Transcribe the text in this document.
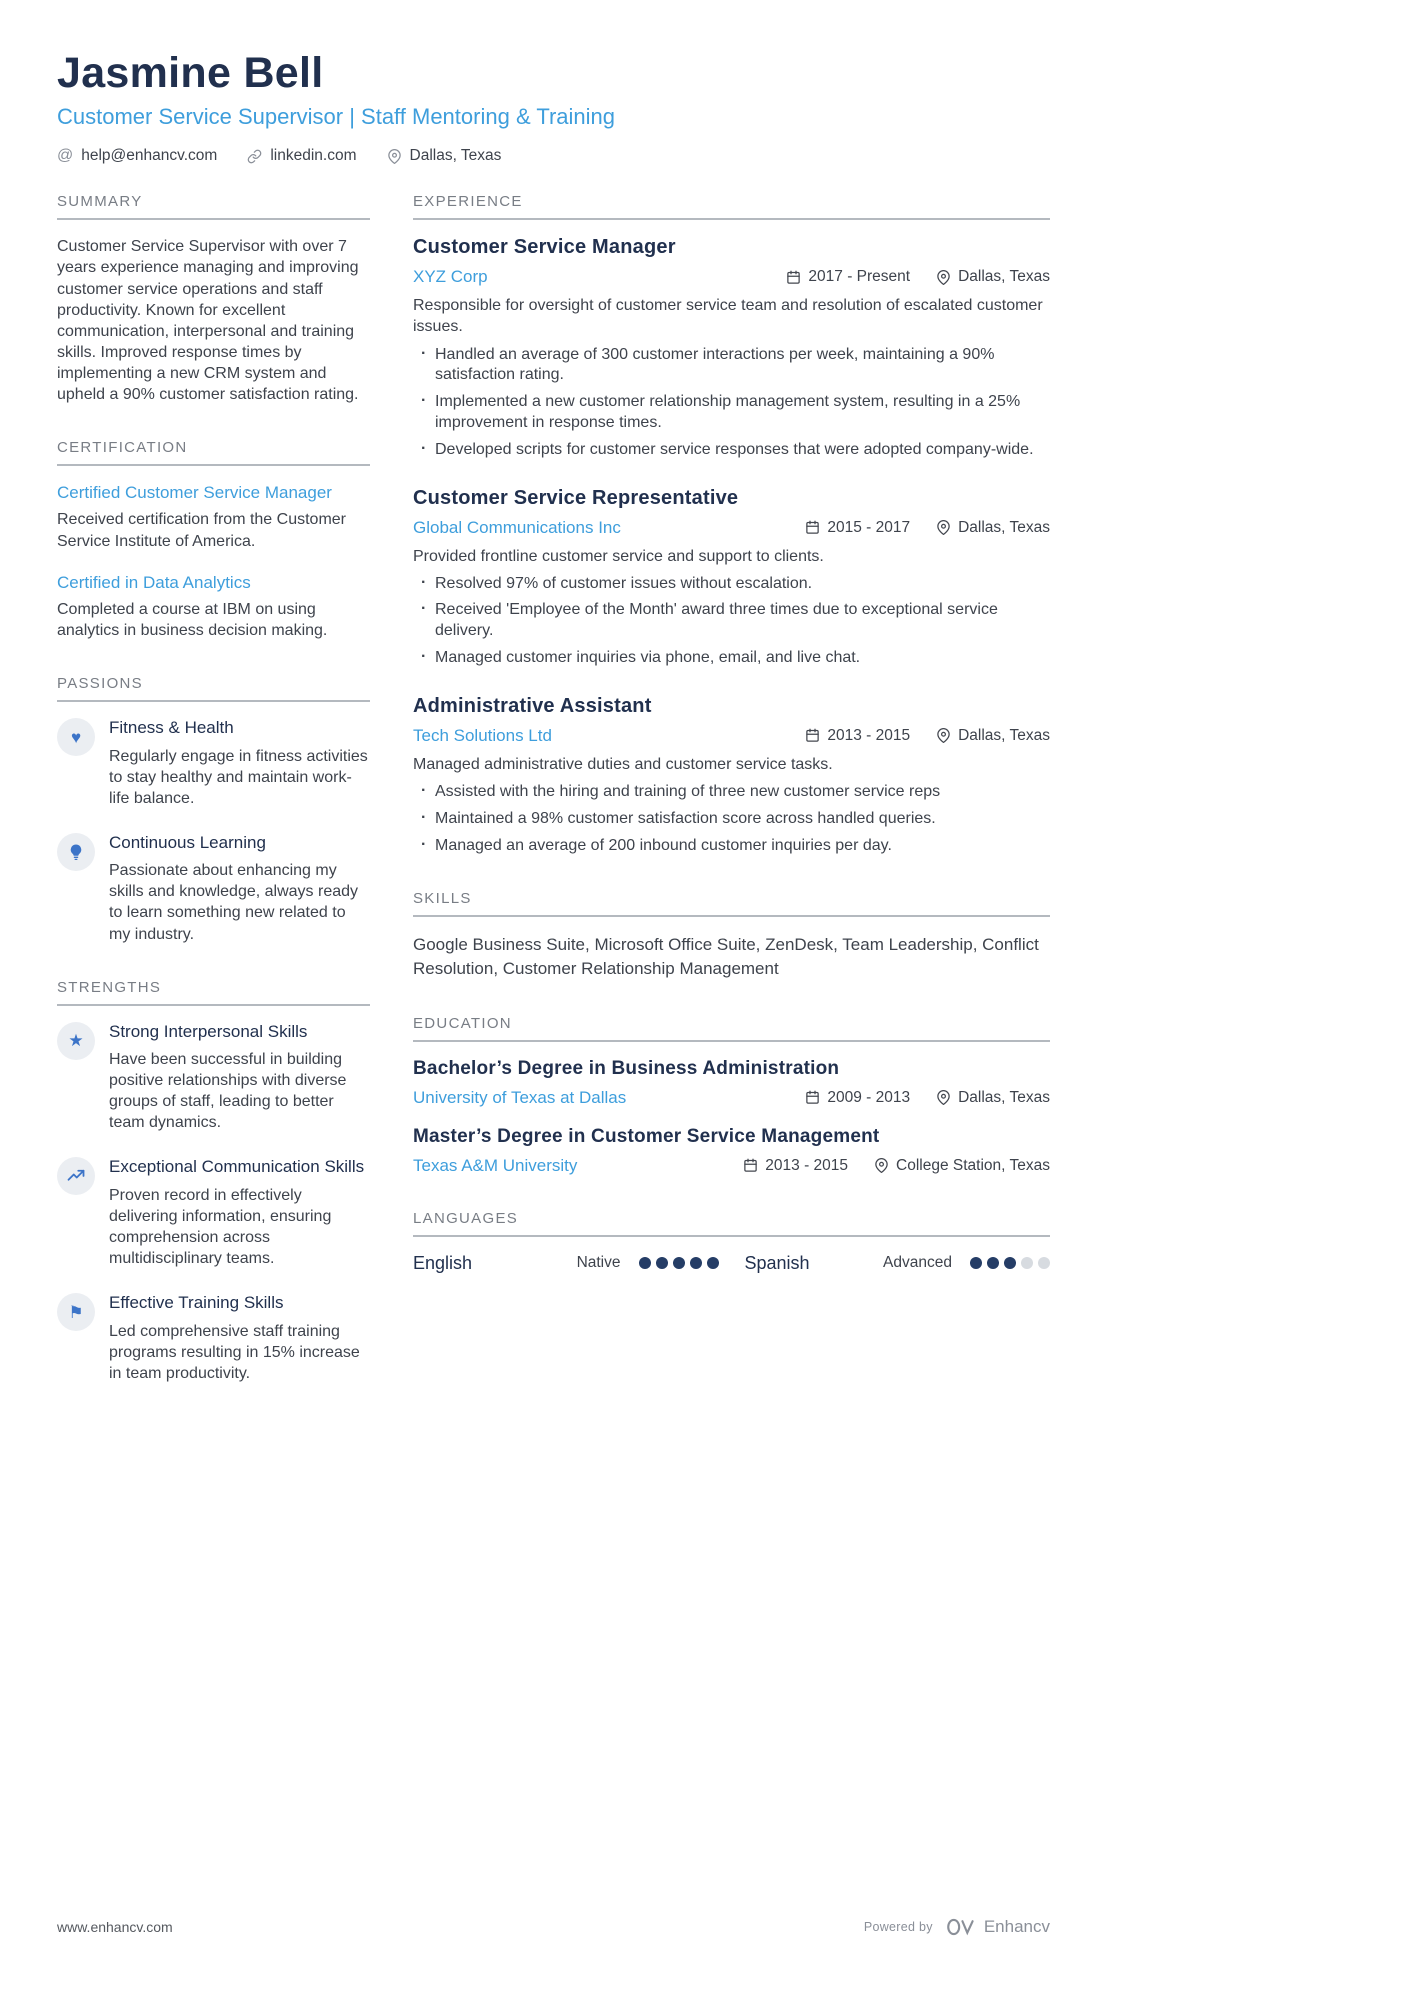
Jasmine Bell
Customer Service Supervisor | Staff Mentoring & Training
@ help@enhancv.com	linkedin.com	Dallas, Texas
SUMMARY

Customer Service Supervisor with over 7 years experience managing and improving customer service operations and staff productivity. Known for excellent communication, interpersonal and training skills. Improved response times by implementing a new CRM system and upheld a 90% customer satisfaction rating.

CERTIFICATION
Certified Customer Service Manager

Received certification from the Customer Service Institute of America.

Certified in Data Analytics

Completed a course at IBM on using analytics in business decision making.

PASSIONS
♥ Fitness & Health

Regularly engage in fitness activities to stay healthy and maintain work-life balance.

Continuous Learning

Passionate about enhancing my skills and knowledge, always ready to learn something new related to my industry.

STRENGTHS
★ Strong Interpersonal Skills

Have been successful in building positive relationships with diverse groups of staff, leading to better team dynamics.

Exceptional Communication Skills

Proven record in effectively delivering information, ensuring comprehension across multidisciplinary teams.

⚑ Effective Training Skills

Led comprehensive staff training programs resulting in 15% increase in team productivity.

EXPERIENCE
Customer Service Manager
XYZ Corp	2017 - Present	Dallas, Texas

Responsible for oversight of customer service team and resolution of escalated customer issues.

· Handled an average of 300 customer interactions per week, maintaining a 90% satisfaction rating.
· Implemented a new customer relationship management system, resulting in a 25% improvement in response times.
· Developed scripts for customer service responses that were adopted company-wide.
Customer Service Representative
Global Communications Inc	2015 - 2017	Dallas, Texas

Provided frontline customer service and support to clients.

· Resolved 97% of customer issues without escalation.
· Received 'Employee of the Month' award three times due to exceptional service delivery.
· Managed customer inquiries via phone, email, and live chat.
Administrative Assistant
Tech Solutions Ltd	2013 - 2015	Dallas, Texas

Managed administrative duties and customer service tasks.

· Assisted with the hiring and training of three new customer service reps
· Maintained a 98% customer satisfaction score across handled queries.
· Managed an average of 200 inbound customer inquiries per day.
SKILLS

Google Business Suite, Microsoft Office Suite, ZenDesk, Team Leadership, Conflict Resolution, Customer Relationship Management

EDUCATION
Bachelor’s Degree in Business Administration
University of Texas at Dallas	2009 - 2013	Dallas, Texas
Master’s Degree in Customer Service Management
Texas A&M University	2013 - 2015	College Station, Texas
LANGUAGES
English	Native	Spanish	Advanced
www.enhancv.com	Powered by	Enhancv
